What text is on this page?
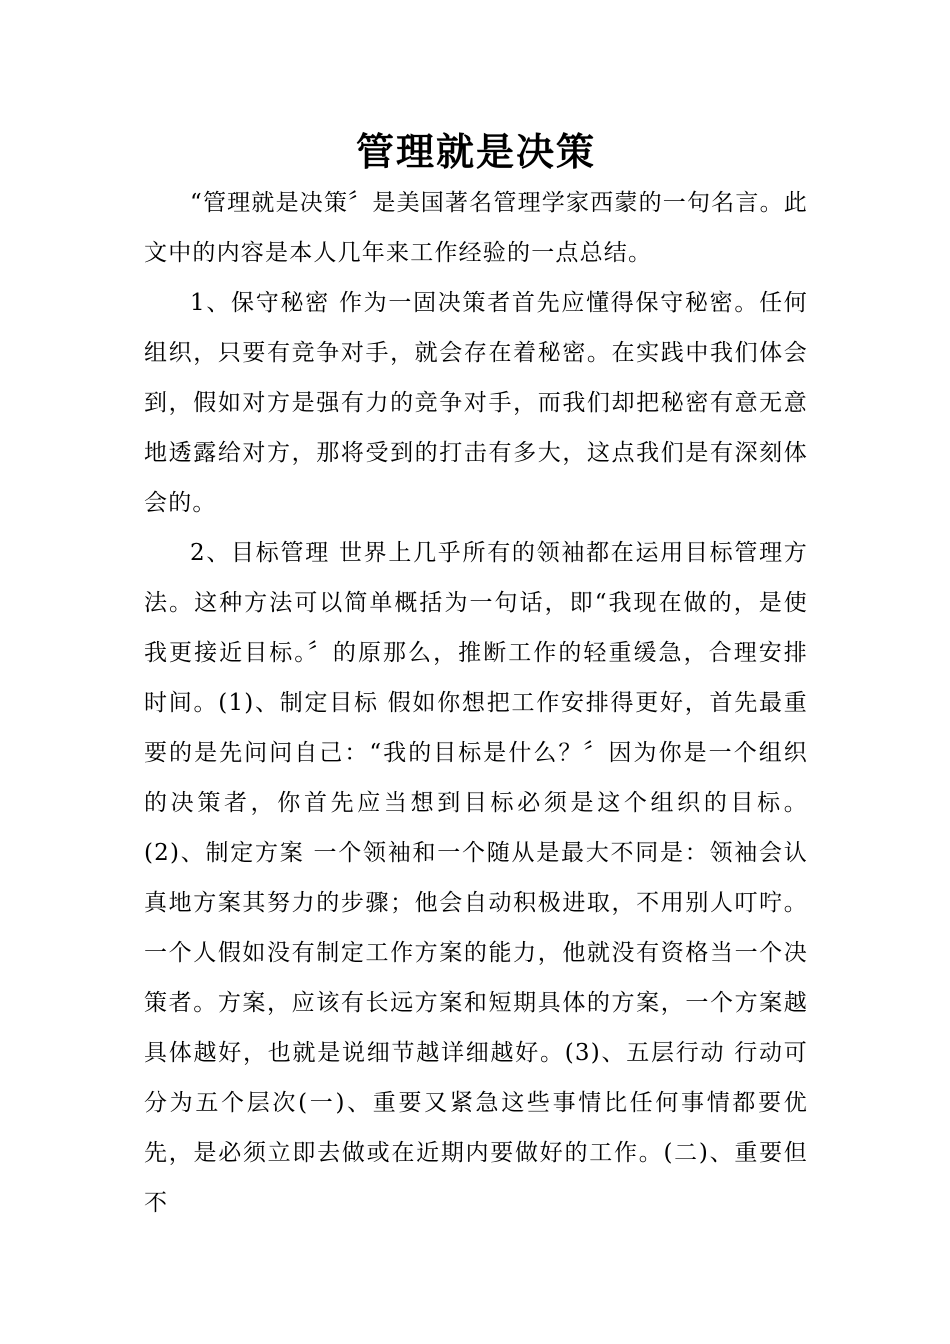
管理就是决策

“管理就是决策〞是美国著名管理学家西蒙的一句名言。此文中的内容是本人几年来工作经验的一点总结。

1、保守秘密 作为一固决策者首先应懂得保守秘密。任何组织，只要有竞争对手，就会存在着秘密。在实践中我们体会到，假如对方是强有力的竞争对手，而我们却把秘密有意无意地透露给对方，那将受到的打击有多大，这点我们是有深刻体会的。

2、目标管理 世界上几乎所有的领袖都在运用目标管理方法。这种方法可以简单概括为一句话，即“我现在做的，是使我更接近目标。〞的原那么，推断工作的轻重缓急，合理安排时间。(1)、制定目标 假如你想把工作安排得更好，首先最重要的是先问问自己：“我的目标是什么？〞因为你是一个组织的决策者，你首先应当想到目标必须是这个组织的目标。(2)、制定方案 一个领袖和一个随从是最大不同是：领袖会认真地方案其努力的步骤；他会自动积极进取，不用别人叮咛。一个人假如没有制定工作方案的能力，他就没有资格当一个决策者。方案，应该有长远方案和短期具体的方案，一个方案越具体越好，也就是说细节越详细越好。(3)、五层行动 行动可分为五个层次(一)、重要又紧急这些事情比任何事情都要优先，是必须立即去做或在近期内要做好的工作。(二)、重要但不
